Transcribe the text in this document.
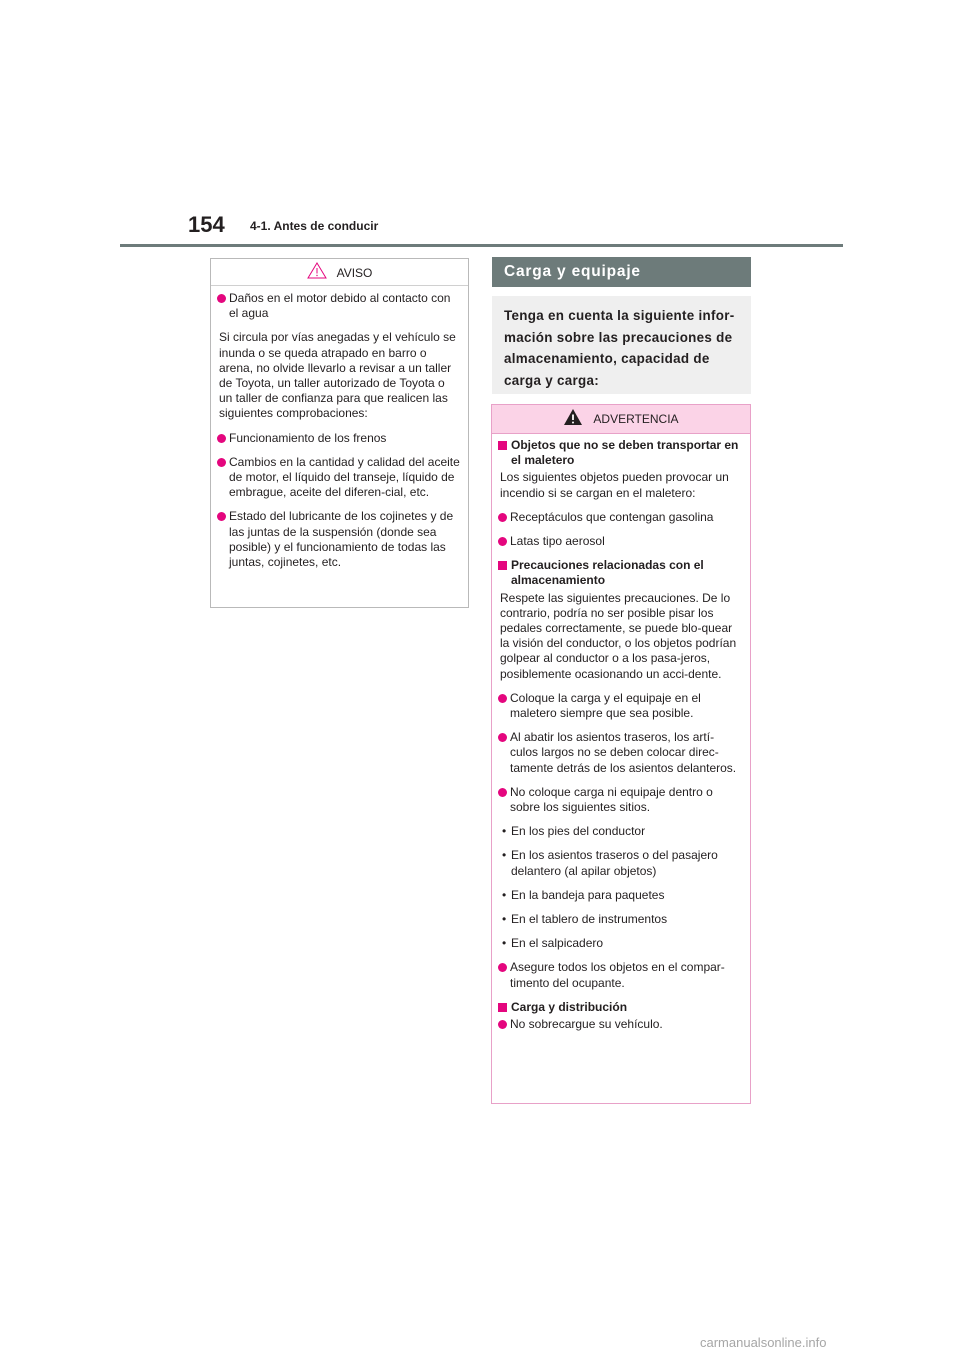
154 4-1. Antes de conducir
AVISO
Daños en el motor debido al contacto con el agua
Si circula por vías anegadas y el vehículo se inunda o se queda atrapado en barro o arena, no olvide llevarlo a revisar a un taller de Toyota, un taller autorizado de Toyota o un taller de confianza para que realicen las siguientes comprobaciones:
Funcionamiento de los frenos
Cambios en la cantidad y calidad del aceite de motor, el líquido del transeje, líquido de embrague, aceite del diferen-cial, etc.
Estado del lubricante de los cojinetes y de las juntas de la suspensión (donde sea posible) y el funcionamiento de todas las juntas, cojinetes, etc.
Carga y equipaje
Tenga en cuenta la siguiente infor-mación sobre las precauciones de almacenamiento, capacidad de carga y carga:
ADVERTENCIA
Objetos que no se deben transportar en el maletero
Los siguientes objetos pueden provocar un incendio si se cargan en el maletero:
Receptáculos que contengan gasolina
Latas tipo aerosol
Precauciones relacionadas con el almacenamiento
Respete las siguientes precauciones. De lo contrario, podría no ser posible pisar los pedales correctamente, se puede blo-quear la visión del conductor, o los objetos podrían golpear al conductor o a los pasa-jeros, posiblemente ocasionando un acci-dente.
Coloque la carga y el equipaje en el maletero siempre que sea posible.
Al abatir los asientos traseros, los artí-culos largos no se deben colocar direc-tamente detrás de los asientos delanteros.
No coloque carga ni equipaje dentro o sobre los siguientes sitios.
• En los pies del conductor
• En los asientos traseros o del pasajero delantero (al apilar objetos)
• En la bandeja para paquetes
• En el tablero de instrumentos
• En el salpicadero
Asegure todos los objetos en el compar-timento del ocupante.
Carga y distribución
No sobrecargue su vehículo.
carmanualsonline.info
